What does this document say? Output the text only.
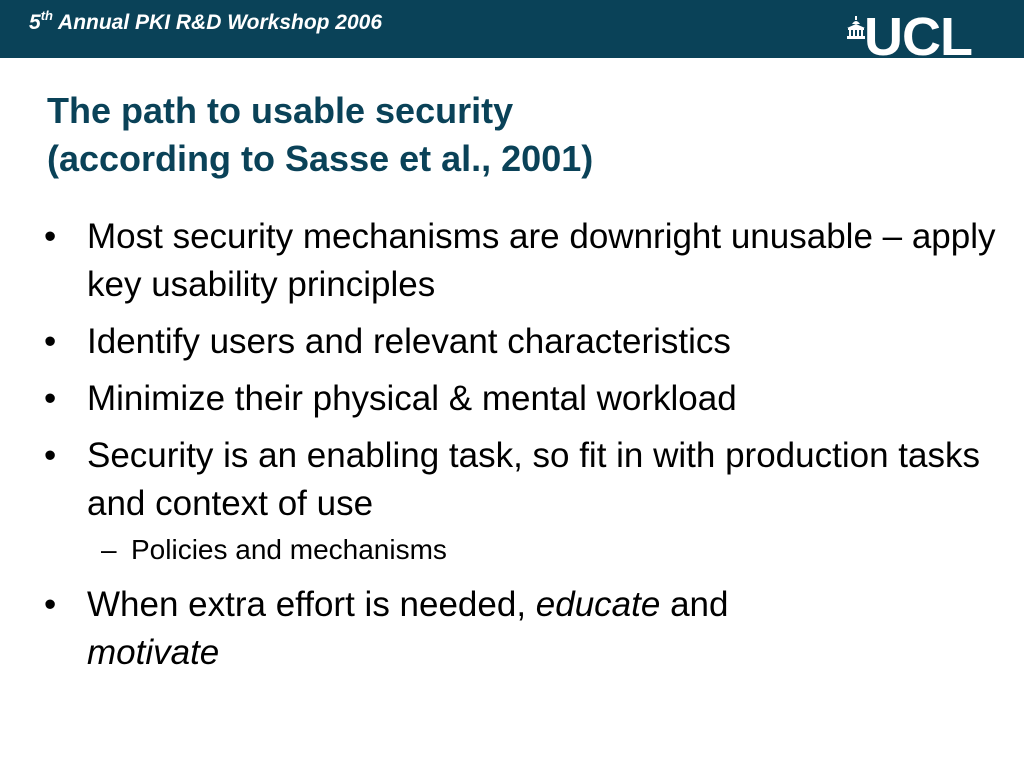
5th Annual PKI R&D Workshop 2006	UCL
The path to usable security
(according to Sasse et al., 2001)
• Most security mechanisms are downright unusable – apply key usability principles
• Identify users and relevant characteristics
• Minimize their physical & mental workload
• Security is an enabling task, so fit in with production tasks and context of use
– Policies and mechanisms
• When extra effort is needed, educate and
motivate
